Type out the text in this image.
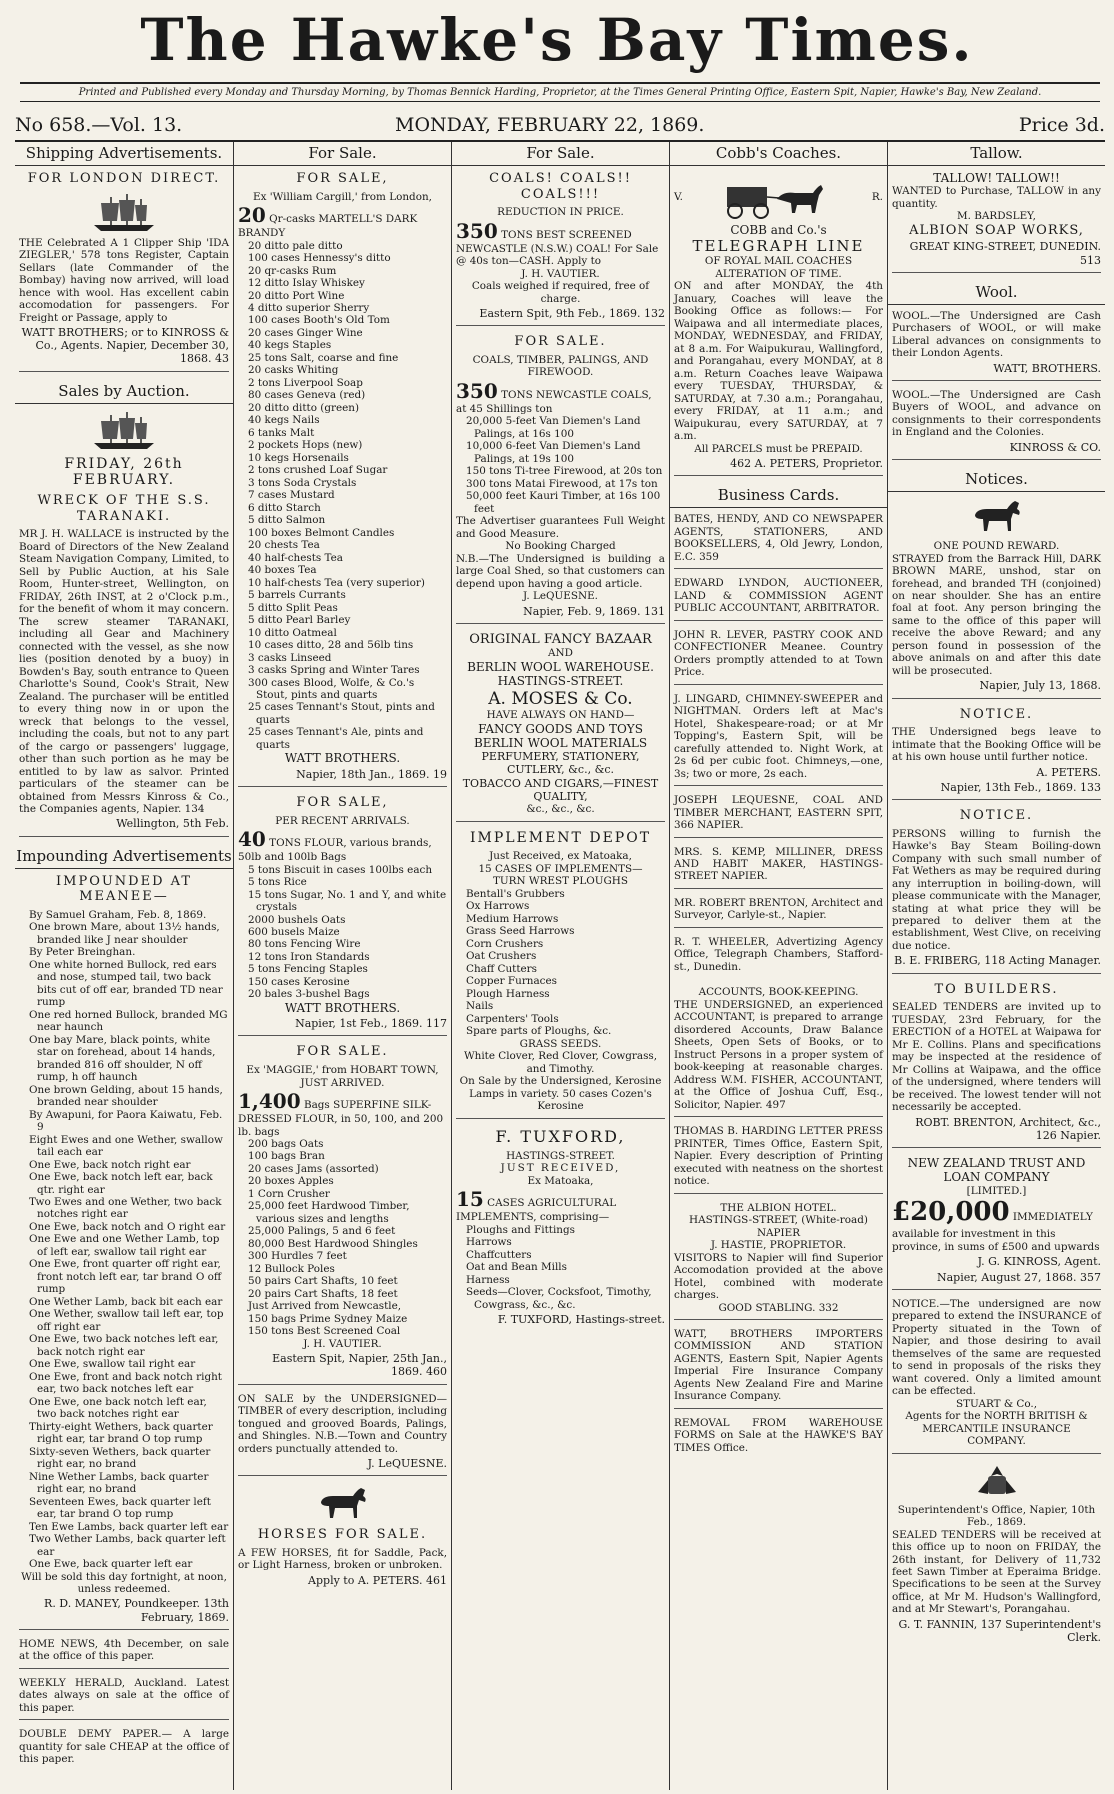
The Hawke's Bay Times.
Printed and Published every Monday and Thursday Morning, by Thomas Bennick Harding, Proprietor, at the Times General Printing Office, Eastern Spit, Napier, Hawke's Bay, New Zealand.
No 658.—Vol. 13.	MONDAY, FEBRUARY 22, 1869.	Price 3d.
Shipping Advertisements.
FOR LONDON DIRECT.
THE Celebrated A 1 Clipper Ship 'IDA ZIEGLER,' 578 tons Register, Captain Sellars (late Commander of the Bombay) having now arrived, will load hence with wool. Has excellent cabin accomodation for passengers. For Freight or Passage, apply to
WATT BROTHERS; or to KINROSS & Co., Agents. Napier, December 30, 1868. 43
Sales by Auction.
FRIDAY, 26th FEBRUARY.
WRECK OF THE S.S. TARANAKI.
MR J. H. WALLACE is instructed by the Board of Directors of the New Zealand Steam Navigation Company, Limited, to Sell by Public Auction, at his Sale Room, Hunter-street, Wellington, on FRIDAY, 26th INST, at 2 o'Clock p.m., for the benefit of whom it may concern. The screw steamer TARANAKI, including all Gear and Machinery connected with the vessel, as she now lies (position denoted by a buoy) in Bowden's Bay, south entrance to Queen Charlotte's Sound, Cook's Strait, New Zealand. The purchaser will be entitled to every thing now in or upon the wreck that belongs to the vessel, including the coals, but not to any part of the cargo or passengers' luggage, other than such portion as he may be entitled to by law as salvor. Printed particulars of the steamer can be obtained from Messrs Kinross & Co., the Companies agents, Napier. 134
Wellington, 5th Feb.
Impounding Advertisements
IMPOUNDED AT MEANEE—
By Samuel Graham, Feb. 8, 1869.
One brown Mare, about 13½ hands, branded like J near shoulder
By Peter Breinghan.
One white horned Bullock, red ears and nose, stumped tail, two back bits cut of off ear, branded TD near rump
One red horned Bullock, branded MG near haunch
One bay Mare, black points, white star on forehead, about 14 hands, branded 816 off shoulder, N off rump, h off haunch
One brown Gelding, about 15 hands, branded near shoulder
By Awapuni, for Paora Kaiwatu, Feb. 9
Eight Ewes and one Wether, swallow tail each ear
One Ewe, back notch right ear
One Ewe, back notch left ear, back qtr. right ear
Two Ewes and one Wether, two back notches right ear
One Ewe, back notch and O right ear
One Ewe and one Wether Lamb, top of left ear, swallow tail right ear
One Ewe, front quarter off right ear, front notch left ear, tar brand O off rump
One Wether Lamb, back bit each ear
One Wether, swallow tail left ear, top off right ear
One Ewe, two back notches left ear, back notch right ear
One Ewe, swallow tail right ear
One Ewe, front and back notch right ear, two back notches left ear
One Ewe, one back notch left ear, two back notches right ear
Thirty-eight Wethers, back quarter right ear, tar brand O top rump
Sixty-seven Wethers, back quarter right ear, no brand
Nine Wether Lambs, back quarter right ear, no brand
Seventeen Ewes, back quarter left ear, tar brand O top rump
Ten Ewe Lambs, back quarter left ear
Two Wether Lambs, back quarter left ear
One Ewe, back quarter left ear
Will be sold this day fortnight, at noon, unless redeemed.
R. D. MANEY, Poundkeeper. 13th February, 1869.
HOME NEWS, 4th December, on sale at the office of this paper.
WEEKLY HERALD, Auckland. Latest dates always on sale at the office of this paper.
DOUBLE DEMY PAPER.— A large quantity for sale CHEAP at the office of this paper.
For Sale.
FOR SALE,
Ex 'William Cargill,' from London,
20 Qr-casks MARTELL'S DARK BRANDY
20 ditto pale ditto
100 cases Hennessy's ditto
20 qr-casks Rum
12 ditto Islay Whiskey
20 ditto Port Wine
4 ditto superior Sherry
100 cases Booth's Old Tom
20 cases Ginger Wine
40 kegs Staples
25 tons Salt, coarse and fine
20 casks Whiting
2 tons Liverpool Soap
80 cases Geneva (red)
20 ditto ditto (green)
40 kegs Nails
6 tanks Malt
2 pockets Hops (new)
10 kegs Horsenails
2 tons crushed Loaf Sugar
3 tons Soda Crystals
7 cases Mustard
6 ditto Starch
5 ditto Salmon
100 boxes Belmont Candles
20 chests Tea
40 half-chests Tea
40 boxes Tea
10 half-chests Tea (very superior)
5 barrels Currants
5 ditto Split Peas
5 ditto Pearl Barley
10 ditto Oatmeal
10 cases ditto, 28 and 56lb tins
3 casks Linseed
3 casks Spring and Winter Tares
300 cases Blood, Wolfe, & Co.'s Stout, pints and quarts
25 cases Tennant's Stout, pints and quarts
25 cases Tennant's Ale, pints and quarts
WATT BROTHERS.
Napier, 18th Jan., 1869. 19
FOR SALE,
PER RECENT ARRIVALS.
40 TONS FLOUR, various brands, 50lb and 100lb Bags
5 tons Biscuit in cases 100lbs each
5 tons Rice
15 tons Sugar, No. 1 and Y, and white crystals
2000 bushels Oats
600 busels Maize
80 tons Fencing Wire
12 tons Iron Standards
5 tons Fencing Staples
150 cases Kerosine
20 bales 3-bushel Bags
WATT BROTHERS.
Napier, 1st Feb., 1869. 117
FOR SALE.
Ex 'MAGGIE,' from HOBART TOWN, JUST ARRIVED.
1,400 Bags SUPERFINE SILK-DRESSED FLOUR, in 50, 100, and 200 lb. bags
200 bags Oats
100 bags Bran
20 cases Jams (assorted)
20 boxes Apples
1 Corn Crusher
25,000 feet Hardwood Timber, various sizes and lengths
25,000 Palings, 5 and 6 feet
80,000 Best Hardwood Shingles
300 Hurdles 7 feet
12 Bullock Poles
50 pairs Cart Shafts, 10 feet
20 pairs Cart Shafts, 18 feet
Just Arrived from Newcastle,
150 bags Prime Sydney Maize
150 tons Best Screened Coal
J. H. VAUTIER.
Eastern Spit, Napier, 25th Jan., 1869. 460
ON SALE by the UNDERSIGNED—TIMBER of every description, including tongued and grooved Boards, Palings, and Shingles. N.B.—Town and Country orders punctually attended to.
J. LeQUESNE.
HORSES FOR SALE.
A FEW HORSES, fit for Saddle, Pack, or Light Harness, broken or unbroken.
Apply to A. PETERS. 461
For Sale.
COALS! COALS!! COALS!!!
REDUCTION IN PRICE.
350 TONS BEST SCREENED NEWCASTLE (N.S.W.) COAL! For Sale @ 40s ton—CASH. Apply to
J. H. VAUTIER.
Coals weighed if required, free of charge.
Eastern Spit, 9th Feb., 1869. 132
FOR SALE.
COALS, TIMBER, PALINGS, AND FIREWOOD.
350 TONS NEWCASTLE COALS, at 45 Shillings ton
20,000 5-feet Van Diemen's Land Palings, at 16s 100
10,000 6-feet Van Diemen's Land Palings, at 19s 100
150 tons Ti-tree Firewood, at 20s ton
300 tons Matai Firewood, at 17s ton
50,000 feet Kauri Timber, at 16s 100 feet
The Advertiser guarantees Full Weight and Good Measure.
No Booking Charged
N.B.—The Undersigned is building a large Coal Shed, so that customers can depend upon having a good article.
J. LeQUESNE.
Napier, Feb. 9, 1869. 131
ORIGINAL FANCY BAZAAR
AND
BERLIN WOOL WAREHOUSE.
HASTINGS-STREET.
A. MOSES & Co.
HAVE ALWAYS ON HAND—
FANCY GOODS AND TOYS
BERLIN WOOL MATERIALS
PERFUMERY, STATIONERY, CUTLERY, &c., &c.
TOBACCO AND CIGARS,—FINEST QUALITY,
&c., &c., &c.
IMPLEMENT DEPOT
Just Received, ex Matoaka,
15 CASES OF IMPLEMENTS—
TURN WREST PLOUGHS
Bentall's Grubbers
Ox Harrows
Medium Harrows
Grass Seed Harrows
Corn Crushers
Oat Crushers
Chaff Cutters
Copper Furnaces
Plough Harness
Nails
Carpenters' Tools
Spare parts of Ploughs, &c.
GRASS SEEDS.
White Clover, Red Clover, Cowgrass, and Timothy.
On Sale by the Undersigned, Kerosine Lamps in variety. 50 cases Cozen's Kerosine
F. TUXFORD,
HASTINGS-STREET.
JUST RECEIVED,
Ex Matoaka,
15 CASES AGRICULTURAL IMPLEMENTS, comprising—
Ploughs and Fittings
Harrows
Chaffcutters
Oat and Bean Mills
Harness
Seeds—Clover, Cocksfoot, Timothy, Cowgrass, &c., &c.
F. TUXFORD, Hastings-street.
Cobb's Coaches.
V.	R.
COBB and Co.'s
TELEGRAPH LINE
OF ROYAL MAIL COACHES
ALTERATION OF TIME.
ON and after MONDAY, the 4th January, Coaches will leave the Booking Office as follows:— For Waipawa and all intermediate places, MONDAY, WEDNESDAY, and FRIDAY, at 8 a.m. For Waipukurau, Wallingford, and Porangahau, every MONDAY, at 8 a.m. Return Coaches leave Waipawa every TUESDAY, THURSDAY, & SATURDAY, at 7.30 a.m.; Porangahau, every FRIDAY, at 11 a.m.; and Waipukurau, every SATURDAY, at 7 a.m.
All PARCELS must be PREPAID.
462 A. PETERS, Proprietor.
Business Cards.
BATES, HENDY, AND CO NEWSPAPER AGENTS, STATIONERS, AND BOOKSELLERS, 4, Old Jewry, London, E.C. 359
EDWARD LYNDON, AUCTIONEER, LAND & COMMISSION AGENT PUBLIC ACCOUNTANT, ARBITRATOR.
JOHN R. LEVER, PASTRY COOK AND CONFECTIONER Meanee. Country Orders promptly attended to at Town Price.
J. LINGARD, CHIMNEY-SWEEPER and NIGHTMAN. Orders left at Mac's Hotel, Shakespeare-road; or at Mr Topping's, Eastern Spit, will be carefully attended to. Night Work, at 2s 6d per cubic foot. Chimneys,—one, 3s; two or more, 2s each.
JOSEPH LEQUESNE, COAL AND TIMBER MERCHANT, EASTERN SPIT, 366 NAPIER.
MRS. S. KEMP, MILLINER, DRESS AND HABIT MAKER, HASTINGS-STREET NAPIER.
MR. ROBERT BRENTON, Architect and Surveyor, Carlyle-st., Napier.
R. T. WHEELER, Advertizing Agency Office, Telegraph Chambers, Stafford-st., Dunedin.
ACCOUNTS, BOOK-KEEPING.
THE UNDERSIGNED, an experienced ACCOUNTANT, is prepared to arrange disordered Accounts, Draw Balance Sheets, Open Sets of Books, or to Instruct Persons in a proper system of book-keeping at reasonable charges. Address W.M. FISHER, ACCOUNTANT, at the Office of Joshua Cuff, Esq., Solicitor, Napier. 497
THOMAS B. HARDING LETTER PRESS PRINTER, Times Office, Eastern Spit, Napier. Every description of Printing executed with neatness on the shortest notice.
THE ALBION HOTEL.
HASTINGS-STREET, (White-road) NAPIER
J. HASTIE, PROPRIETOR.
VISITORS to Napier will find Superior Accomodation provided at the above Hotel, combined with moderate charges.
GOOD STABLING. 332
WATT, BROTHERS IMPORTERS COMMISSION AND STATION AGENTS, Eastern Spit, Napier Agents Imperial Fire Insurance Company Agents New Zealand Fire and Marine Insurance Company.
REMOVAL FROM WAREHOUSE FORMS on Sale at the HAWKE'S BAY TIMES Office.
Tallow.
TALLOW! TALLOW!!
WANTED to Purchase, TALLOW in any quantity.
M. BARDSLEY,
ALBION SOAP WORKS,
GREAT KING-STREET, DUNEDIN. 513
Wool.
WOOL.—The Undersigned are Cash Purchasers of WOOL, or will make Liberal advances on consignments to their London Agents.
WATT, BROTHERS.
WOOL.—The Undersigned are Cash Buyers of WOOL, and advance on consignments to their correspondents in England and the Colonies.
KINROSS & CO.
Notices.
ONE POUND REWARD.
STRAYED from the Barrack Hill, DARK BROWN MARE, unshod, star on forehead, and branded TH (conjoined) on near shoulder. She has an entire foal at foot. Any person bringing the same to the office of this paper will receive the above Reward; and any person found in possession of the above animals on and after this date will be prosecuted.
Napier, July 13, 1868.
NOTICE.
THE Undersigned begs leave to intimate that the Booking Office will be at his own house until further notice.
A. PETERS.
Napier, 13th Feb., 1869. 133
NOTICE.
PERSONS willing to furnish the Hawke's Bay Steam Boiling-down Company with such small number of Fat Wethers as may be required during any interruption in boiling-down, will please communicate with the Manager, stating at what price they will be prepared to deliver them at the establishment, West Clive, on receiving due notice.
B. E. FRIBERG, 118 Acting Manager.
TO BUILDERS.
SEALED TENDERS are invited up to TUESDAY, 23rd February, for the ERECTION of a HOTEL at Waipawa for Mr E. Collins. Plans and specifications may be inspected at the residence of Mr Collins at Waipawa, and the office of the undersigned, where tenders will be received. The lowest tender will not necessarily be accepted.
ROBT. BRENTON, Architect, &c., 126 Napier.
NEW ZEALAND TRUST AND LOAN COMPANY
[LIMITED.]
£20,000 IMMEDIATELY available for investment in this province, in sums of £500 and upwards
J. G. KINROSS, Agent.
Napier, August 27, 1868. 357
NOTICE.—The undersigned are now prepared to extend the INSURANCE of Property situated in the Town of Napier, and those desiring to avail themselves of the same are requested to send in proposals of the risks they want covered. Only a limited amount can be effected.
STUART & Co.,
Agents for the NORTH BRITISH & MERCANTILE INSURANCE COMPANY.
Superintendent's Office, Napier, 10th Feb., 1869.
SEALED TENDERS will be received at this office up to noon on FRIDAY, the 26th instant, for Delivery of 11,732 feet Sawn Timber at Eperaima Bridge. Specifications to be seen at the Survey office, at Mr M. Hudson's Wallingford, and at Mr Stewart's, Porangahau.
G. T. FANNIN, 137 Superintendent's Clerk.
